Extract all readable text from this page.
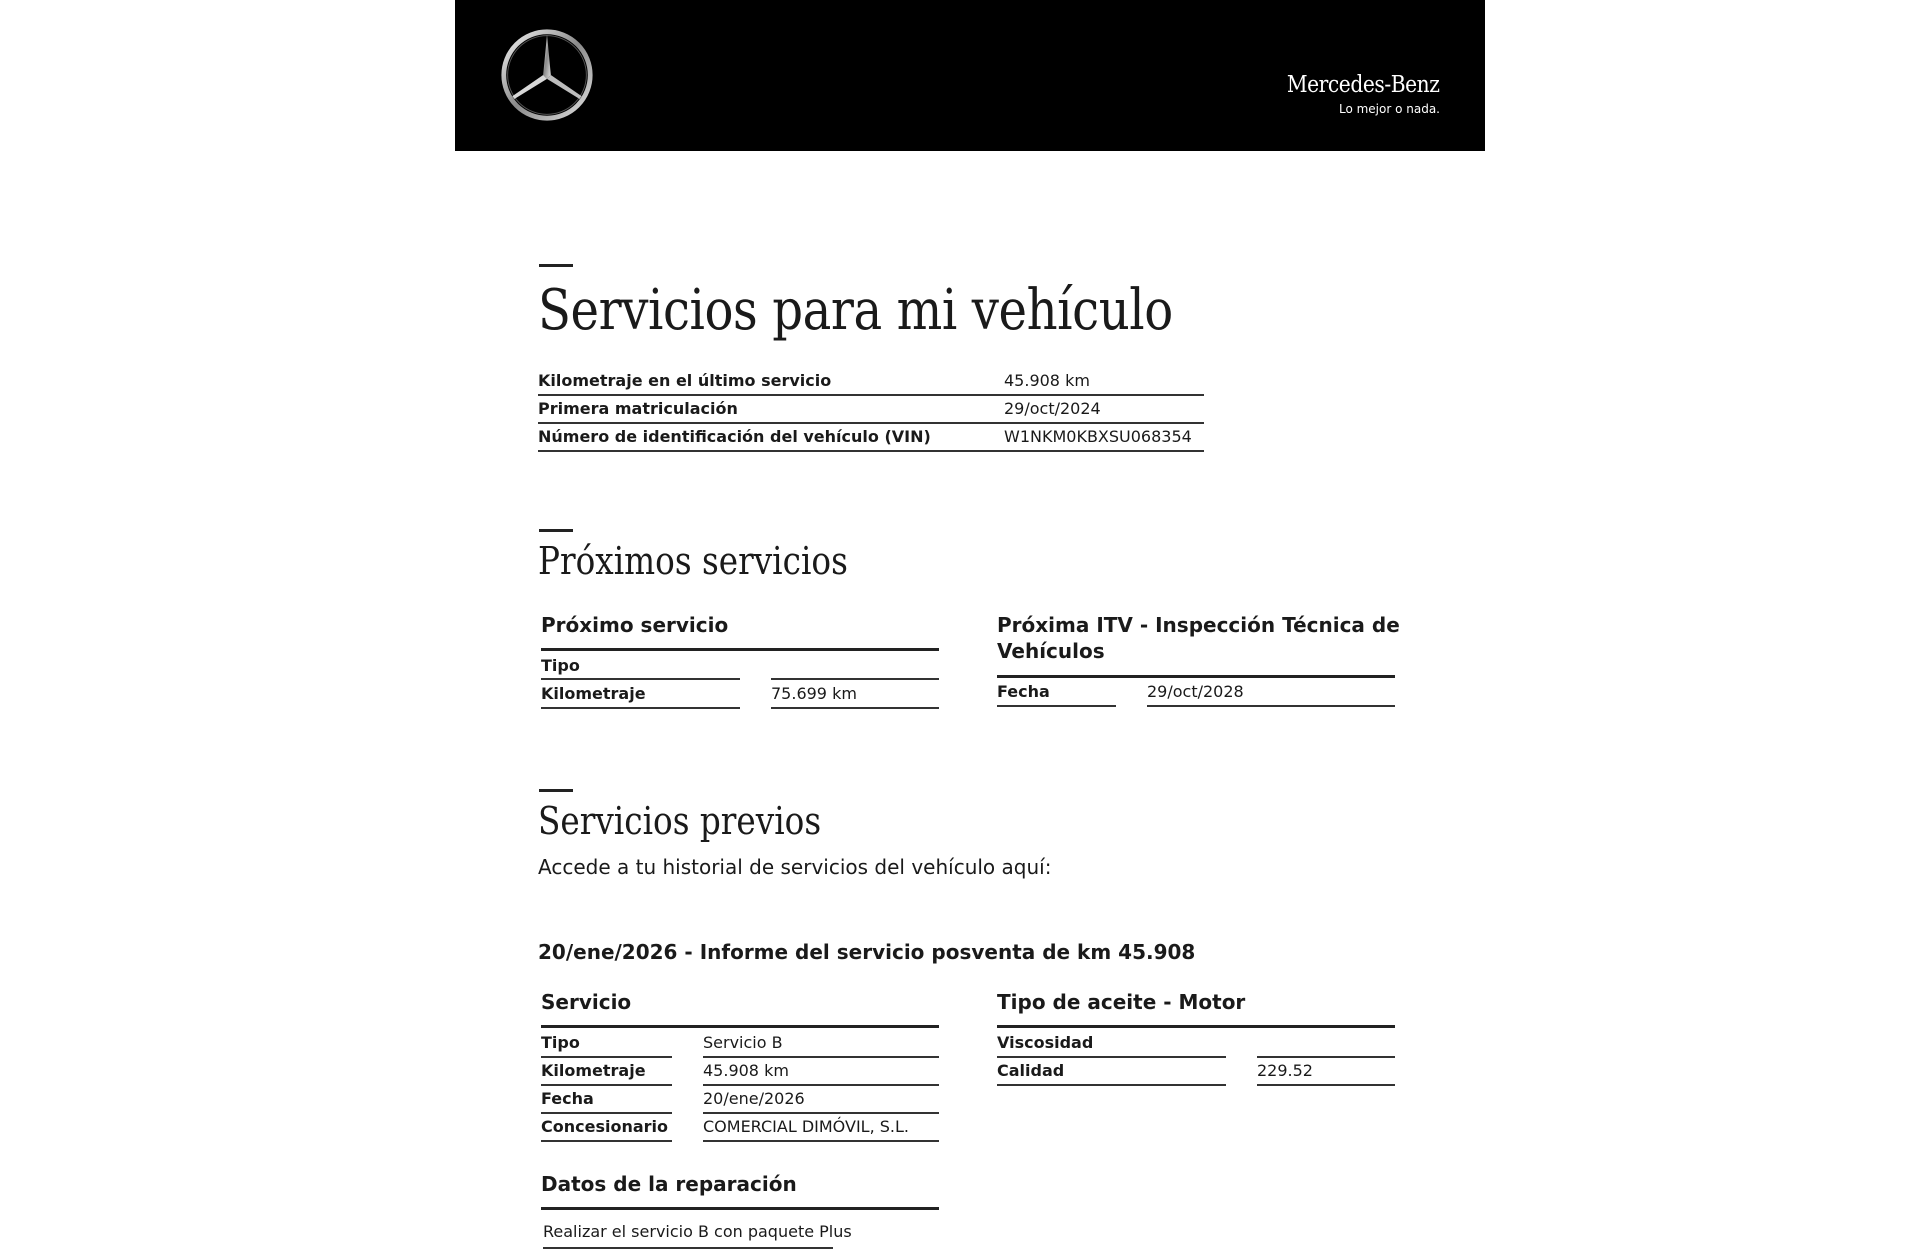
Mercedes-Benz
Lo mejor o nada.
Servicios para mi vehículo
Kilometraje en el último servicio	45.908 km
Primera matriculación	29/oct/2024
Número de identificación del vehículo (VIN)	W1NKM0KBXSU068354
Próximos servicios
Próximo servicio
Tipo
Kilometraje	75.699 km
Próxima ITV - Inspección Técnica de
Vehículos
Fecha	29/oct/2028
Servicios previos
Accede a tu historial de servicios del vehículo aquí:
20/ene/2026 - Informe del servicio posventa de km 45.908
Servicio
Tipo	Servicio B
Kilometraje	45.908 km
Fecha	20/ene/2026
Concesionario COMERCIAL DIMÓVIL, S.L.
Tipo de aceite - Motor
Viscosidad
Calidad	229.52
Datos de la reparación
Realizar el servicio B con paquete Plus
